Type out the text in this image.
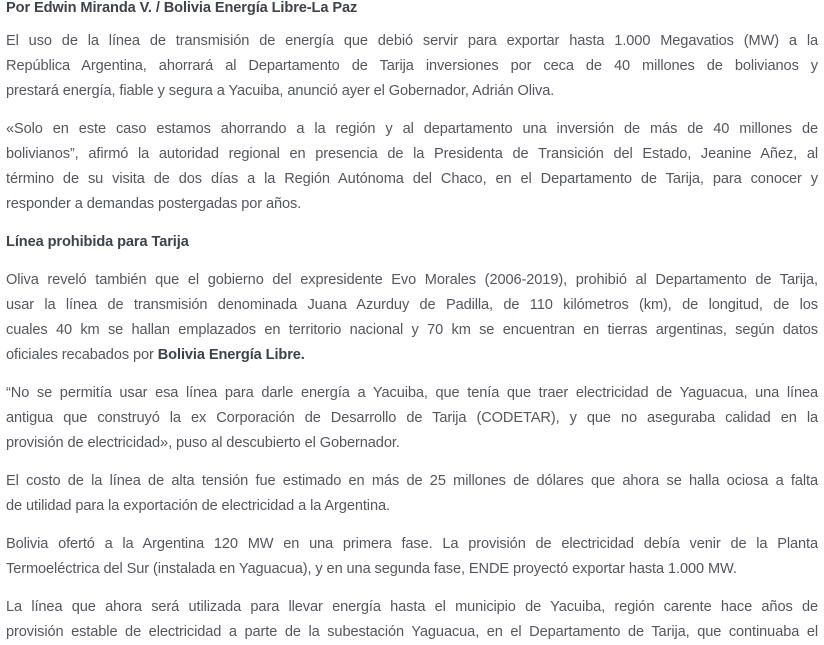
Por Edwin Miranda V. / Bolivia Energía Libre-La Paz

El uso de la línea de transmisión de energía que debió servir para exportar hasta 1.000 Megavatios (MW) a la
República Argentina, ahorrará al Departamento de Tarija inversiones por ceca de 40 millones de bolivianos y
prestará energía, fiable y segura a Yacuiba, anunció ayer el Gobernador, Adrián Oliva.
«Solo en este caso estamos ahorrando a la región y al departamento una inversión de más de 40 millones de
bolivianos”, afirmó la autoridad regional en presencia de la Presidenta de Transición del Estado, Jeanine Añez, al
término de su visita de dos días a la Región Autónoma del Chaco, en el Departamento de Tarija, para conocer y
responder a demandas postergadas por años.
Línea prohibida para Tarija
Oliva reveló también que el gobierno del expresidente Evo Morales (2006-2019), prohibió al Departamento de Tarija,
usar la línea de transmisión denominada Juana Azurduy de Padilla, de 110 kilómetros (km), de longitud, de los
cuales 40 km se hallan emplazados en territorio nacional y 70 km se encuentran en tierras argentinas, según datos
oficiales recabados por Bolivia Energía Libre.
“No se permitía usar esa línea para darle energía a Yacuiba, que tenía que traer electricidad de Yaguacua, una línea
antigua que construyó la ex Corporación de Desarrollo de Tarija (CODETAR), y que no aseguraba calidad en la
provisión de electricidad», puso al descubierto el Gobernador.
El costo de la línea de alta tensión fue estimado en más de 25 millones de dólares que ahora se halla ociosa a falta
de utilidad para la exportación de electricidad a la Argentina.
Bolivia ofertó a la Argentina 120 MW en una primera fase. La provisión de electricidad debía venir de la Planta
Termoeléctrica del Sur (instalada en Yaguacua), y en una segunda fase, ENDE proyectó exportar hasta 1.000 MW.
La línea que ahora será utilizada para llevar energía hasta el municipio de Yacuiba, región carente hace años de
provisión estable de electricidad a parte de la subestación Yaguacua, en el Departamento de Tarija, que continuaba el
